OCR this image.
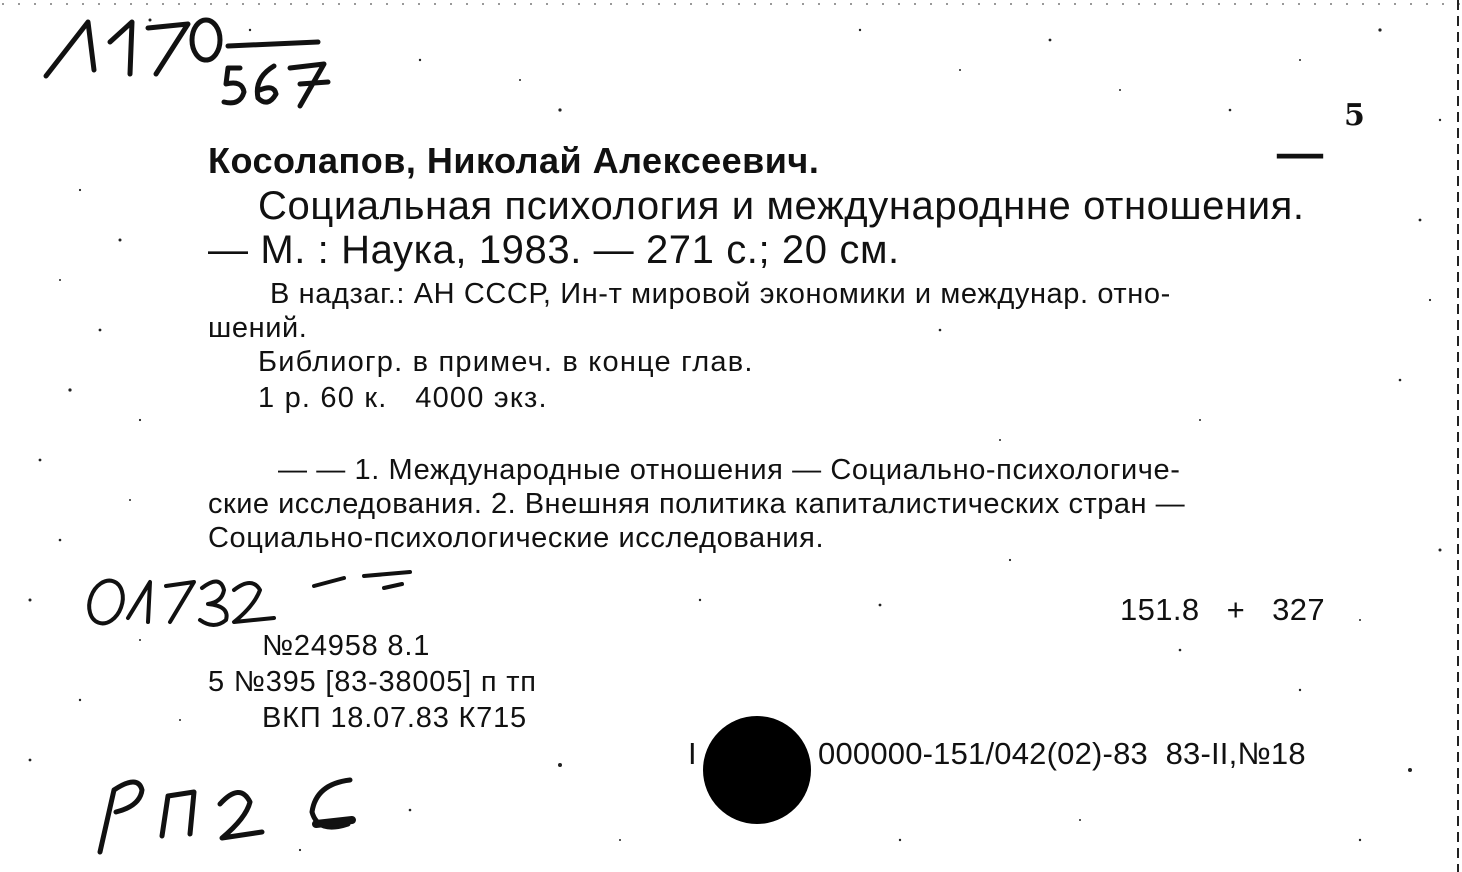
5
Косолапов, Николай Алексеевич.	—
Социальная психология и международнне отношения.
— М. : Наука, 1983. — 271 с.; 20 см.
В надзаг.: АН СССР, Ин-т мировой экономики и междунар. отно-
шений.
Библиогр. в примеч. в конце глав.
1 р. 60 к.   4000 экз.
— — 1. Международные отношения — Социально-психологиче-
ские исследования. 2. Внешняя политика капиталистических стран —
Социально-психологические исследования.
151.8   +   327
№24958 8.1
5 №395 [83-38005] п тп
ВКП 18.07.83 К715
I	000000-151/042(02)-83  83-II,№18
